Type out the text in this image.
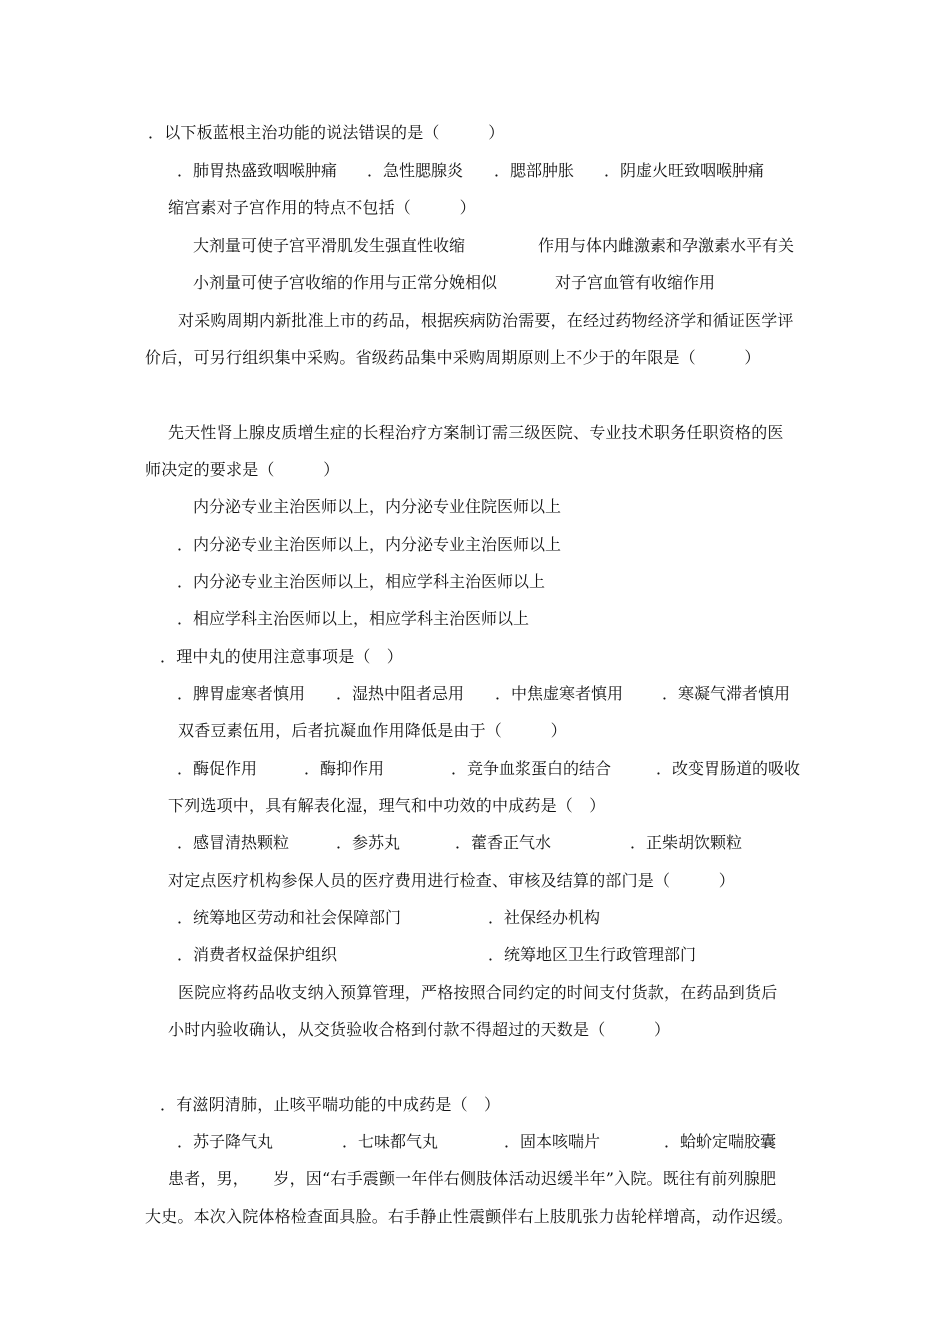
．以下板蓝根主治功能的说法错误的是（　　　）
．肺胃热盛致咽喉肿痛 ．急性腮腺炎 ．腮部肿胀 ．阴虚火旺致咽喉肿痛
缩宫素对子宫作用的特点不包括（　　　）
大剂量可使子宫平滑肌发生强直性收缩	作用与体内雌激素和孕激素水平有关
小剂量可使子宫收缩的作用与正常分娩相似	对子宫血管有收缩作用
对采购周期内新批准上市的药品，根据疾病防治需要，在经过药物经济学和循证医学评
价后，可另行组织集中采购。省级药品集中采购周期原则上不少于的年限是（　　　）
先天性肾上腺皮质增生症的长程治疗方案制订需三级医院、专业技术职务任职资格的医
师决定的要求是（　　　）
内分泌专业主治医师以上，内分泌专业住院医师以上
．内分泌专业主治医师以上，内分泌专业主治医师以上
．内分泌专业主治医师以上，相应学科主治医师以上
．相应学科主治医师以上，相应学科主治医师以上
．理中丸的使用注意事项是（　）
．脾胃虚寒者慎用 ．湿热中阻者忌用 ．中焦虚寒者慎用 ．寒凝气滞者慎用
双香豆素伍用，后者抗凝血作用降低是由于（　　　）
．酶促作用	．酶抑作用	．竞争血浆蛋白的结合	．改变胃肠道的吸收
下列选项中，具有解表化湿，理气和中功效的中成药是（　）
．感冒清热颗粒	．参苏丸	．藿香正气水	．正柴胡饮颗粒
对定点医疗机构参保人员的医疗费用进行检查、审核及结算的部门是（　　　）
．统筹地区劳动和社会保障部门	．社保经办机构
．消费者权益保护组织	．统筹地区卫生行政管理部门
医院应将药品收支纳入预算管理，严格按照合同约定的时间支付货款，在药品到货后
小时内验收确认，从交货验收合格到付款不得超过的天数是（　　　）
．有滋阴清肺，止咳平喘功能的中成药是（　）
．苏子降气丸	．七味都气丸	．固本咳喘片	．蛤蚧定喘胶囊
患者，男，　　岁，因“右手震颤一年伴右侧肢体活动迟缓半年”入院。既往有前列腺肥
大史。本次入院体格检查面具脸。右手静止性震颤伴右上肢肌张力齿轮样增高，动作迟缓。
